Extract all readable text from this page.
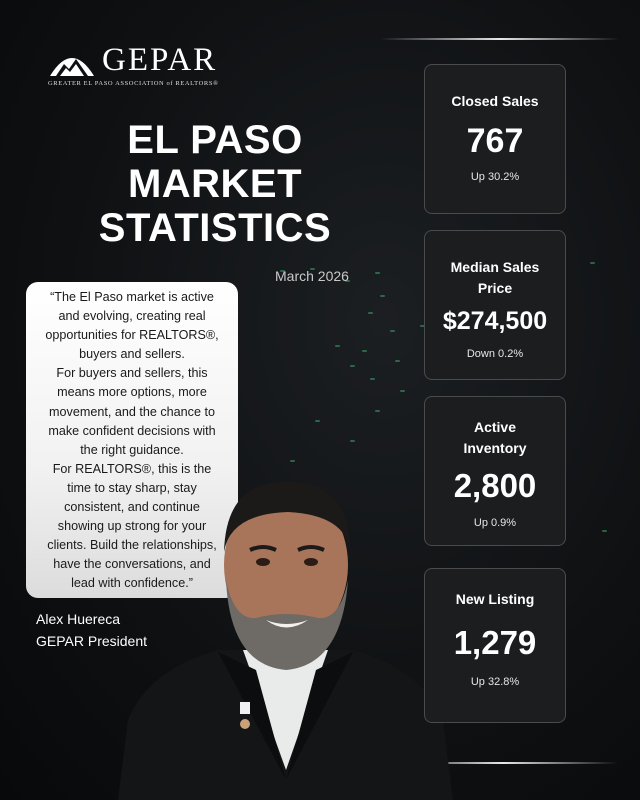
GEPAR
GREATER EL PASO ASSOCIATION of REALTORS®
EL PASO
MARKET
STATISTICS
March 2026

“The El Paso market is active

and evolving, creating real

opportunities for REALTORS®,

buyers and sellers.

For buyers and sellers, this

means more options, more

movement, and the chance to

make confident decisions with

the right guidance.

For REALTORS®, this is the

time to stay sharp, stay

consistent, and continue

showing up strong for your

clients. Build the relationships,

have the conversations, and

lead with confidence.”

Alex Huereca
GEPAR President
Closed Sales
767
Up 30.2%
Median Sales Price
$274,500
Down 0.2%
Active Inventory
2,800
Up 0.9%
New Listing
1,279
Up 32.8%
